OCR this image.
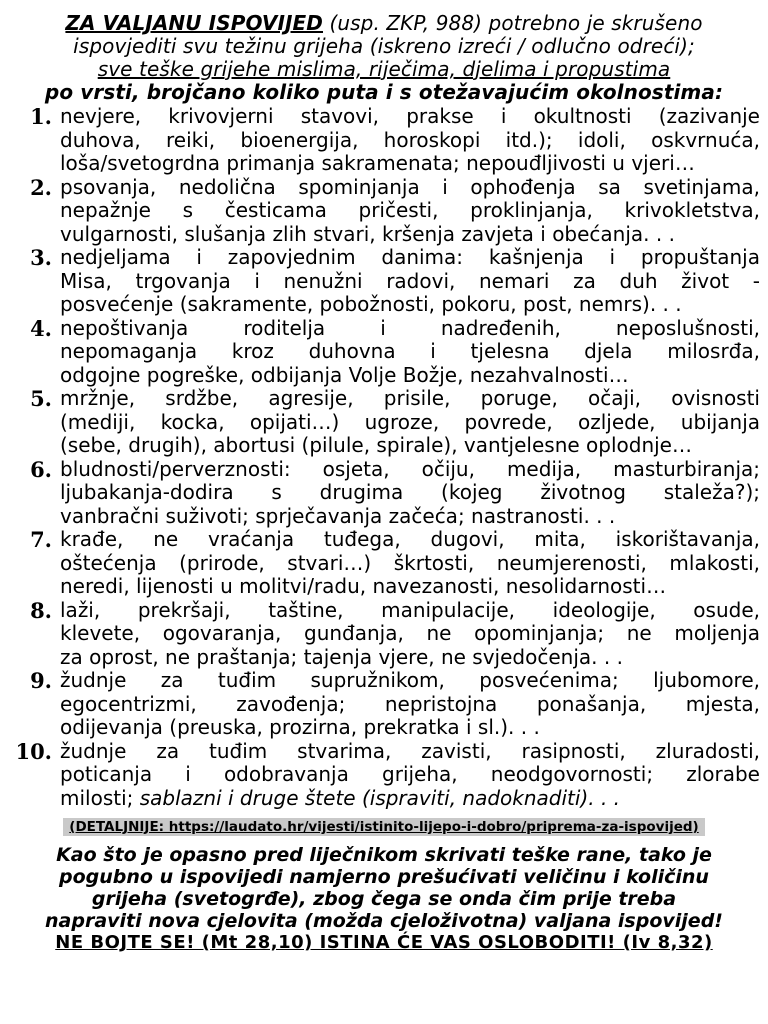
ZA VALJANU ISPOVIJED (usp. ZKP, 988) potrebno je skrušeno
ispovjediti svu težinu grijeha (iskreno izreći / odlučno odreći);
sve teške grijehe mislima, riječima, djelima i propustima
po vrsti, brojčano koliko puta i s otežavajućim okolnostima:
1. nevjere, krivovjerni stavovi, prakse i okultnosti (zazivanje
duhova, reiki, bioenergija, horoskopi itd.); idoli, oskvrnuća,
loša/svetogrdna primanja sakramenata; nepouđljivosti u vjeri…
2. psovanja, nedolična spominjanja i ophođenja sa svetinjama,
nepažnje s česticama pričesti, proklinjanja, krivokletstva,
vulgarnosti, slušanja zlih stvari, kršenja zavjeta i obećanja. . .
3. nedjeljama i zapovjednim danima: kašnjenja i propuštanja
Misa, trgovanja i nenužni radovi, nemari za duh život -
posvećenje (sakramente, pobožnosti, pokoru, post, nemrs). . .
4. nepoštivanja roditelja i nadređenih, neposlušnosti,
nepomaganja kroz duhovna i tjelesna djela milosrđa,
odgojne pogreške, odbijanja Volje Božje, nezahvalnosti…
5. mržnje, srdžbe, agresije, prisile, poruge, očaji, ovisnosti
(mediji, kocka, opijati…) ugroze, povrede, ozljede, ubijanja
(sebe, drugih), abortusi (pilule, spirale), vantjelesne oplodnje…
6. bludnosti/perverznosti: osjeta, očiju, medija, masturbiranja;
ljubakanja-dodira s drugima (kojeg životnog staleža?);
vanbračni suživoti; sprječavanja začeća; nastranosti. . .
7. krađe, ne vraćanja tuđega, dugovi, mita, iskorištavanja,
oštećenja (prirode, stvari…) škrtosti, neumjerenosti, mlakosti,
neredi, lijenosti u molitvi/radu, navezanosti, nesolidarnosti…
8. laži, prekršaji, taštine, manipulacije, ideologije, osude,
klevete, ogovaranja, gunđanja, ne opominjanja; ne moljenja
za oprost, ne praštanja; tajenja vjere, ne svjedočenja. . .
9. žudnje za tuđim supružnikom, posvećenima; ljubomore,
egocentrizmi, zavođenja; nepristojna ponašanja, mjesta,
odijevanja (preuska, prozirna, prekratka i sl.). . .
10. žudnje za tuđim stvarima, zavisti, rasipnosti, zluradosti,
poticanja i odobravanja grijeha, neodgovornosti; zlorabe
milosti; sablazni i druge štete (ispraviti, nadoknaditi). . .
(DETALJNIJE: https://laudato.hr/vijesti/istinito-lijepo-i-dobro/priprema-za-ispovijed)
Kao što je opasno pred liječnikom skrivati teške rane, tako je
pogubno u ispovijedi namjerno prešućivati veličinu i količinu
grijeha (svetogrđe), zbog čega se onda čim prije treba
napraviti nova cjelovita (možda cjeloživotna) valjana ispovijed!
NE BOJTE SE! (Mt 28,10) ISTINA ĆE VAS OSLOBODITI! (Iv 8,32)
